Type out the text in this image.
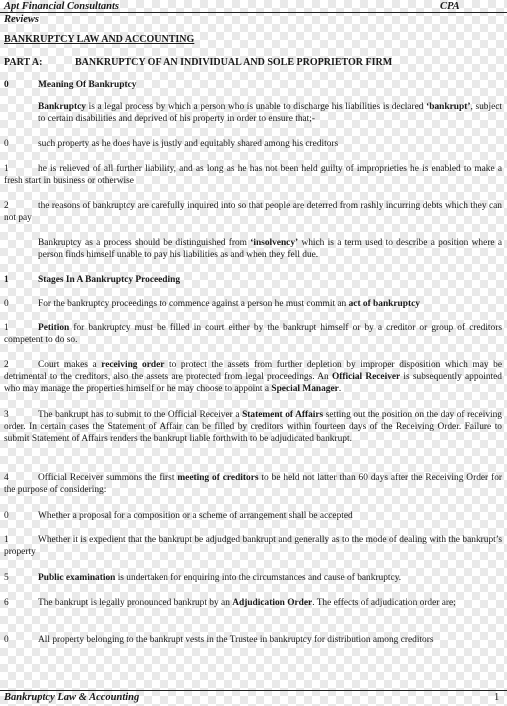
Apt Financial Consultants	CPA
Reviews
BANKRUPTCY LAW AND ACCOUNTING
PART A:	BANKRUPTCY OF AN INDIVIDUAL AND SOLE PROPRIETOR FIRM
0	Meaning Of Bankruptcy
Bankruptcy is a legal process by which a person who is unable to discharge his liabilities is declared ‘bankrupt’, subject to certain disabilities and deprived of his property in order to ensure that;-
0	such property as he does have is justly and equitably shared among his creditors
1	he is relieved of all further liability, and as long as he has not been held guilty of improprieties he is enabled to make a fresh start in business or otherwise
2	the reasons of bankruptcy are carefully inquired into so that people are deterred from rashly incurring debts which they can not pay
Bankruptcy as a process should be distinguished from ‘insolvency’ which is a term used to describe a position where a person finds himself unable to pay his liabilities as and when they fell due.
1	Stages In A Bankruptcy Proceeding
0	For the bankruptcy proceedings to commence against a person he must commit an act of bankruptcy
1	Petition for bankruptcy must be filled in court either by the bankrupt himself or by a creditor or group of creditors competent to do so.
2	Court makes a receiving order to protect the assets from further depletion by improper disposition which may be detrimental to the creditors, also the assets are protected from legal proceedings. An Official Receiver is subsequently appointed who may manage the properties himself or he may choose to appoint a Special Manager.
3	The bankrupt has to submit to the Official Receiver a Statement of Affairs setting out the position on the day of receiving order. In certain cases the Statement of Affair can be filled by creditors within fourteen days of the Receiving Order. Failure to submit Statement of Affairs renders the bankrupt liable forthwith to be adjudicated bankrupt.
4	Official Receiver summons the first meeting of creditors to be held not latter than 60 days after the Receiving Order for the purpose of considering:
0	Whether a proposal for a composition or a scheme of arrangement shall be accepted
1	Whether it is expedient that the bankrupt be adjudged bankrupt and generally as to the mode of dealing with the bankrupt’s property
5	Public examination is undertaken for enquiring into the circumstances and cause of bankruptcy.
6	The bankrupt is legally pronounced bankrupt by an Adjudication Order. The effects of adjudication order are;
0	All property belonging to the bankrupt vests in the Trustee in bankruptcy for distribution among creditors
Bankruptcy Law & Accounting	1
